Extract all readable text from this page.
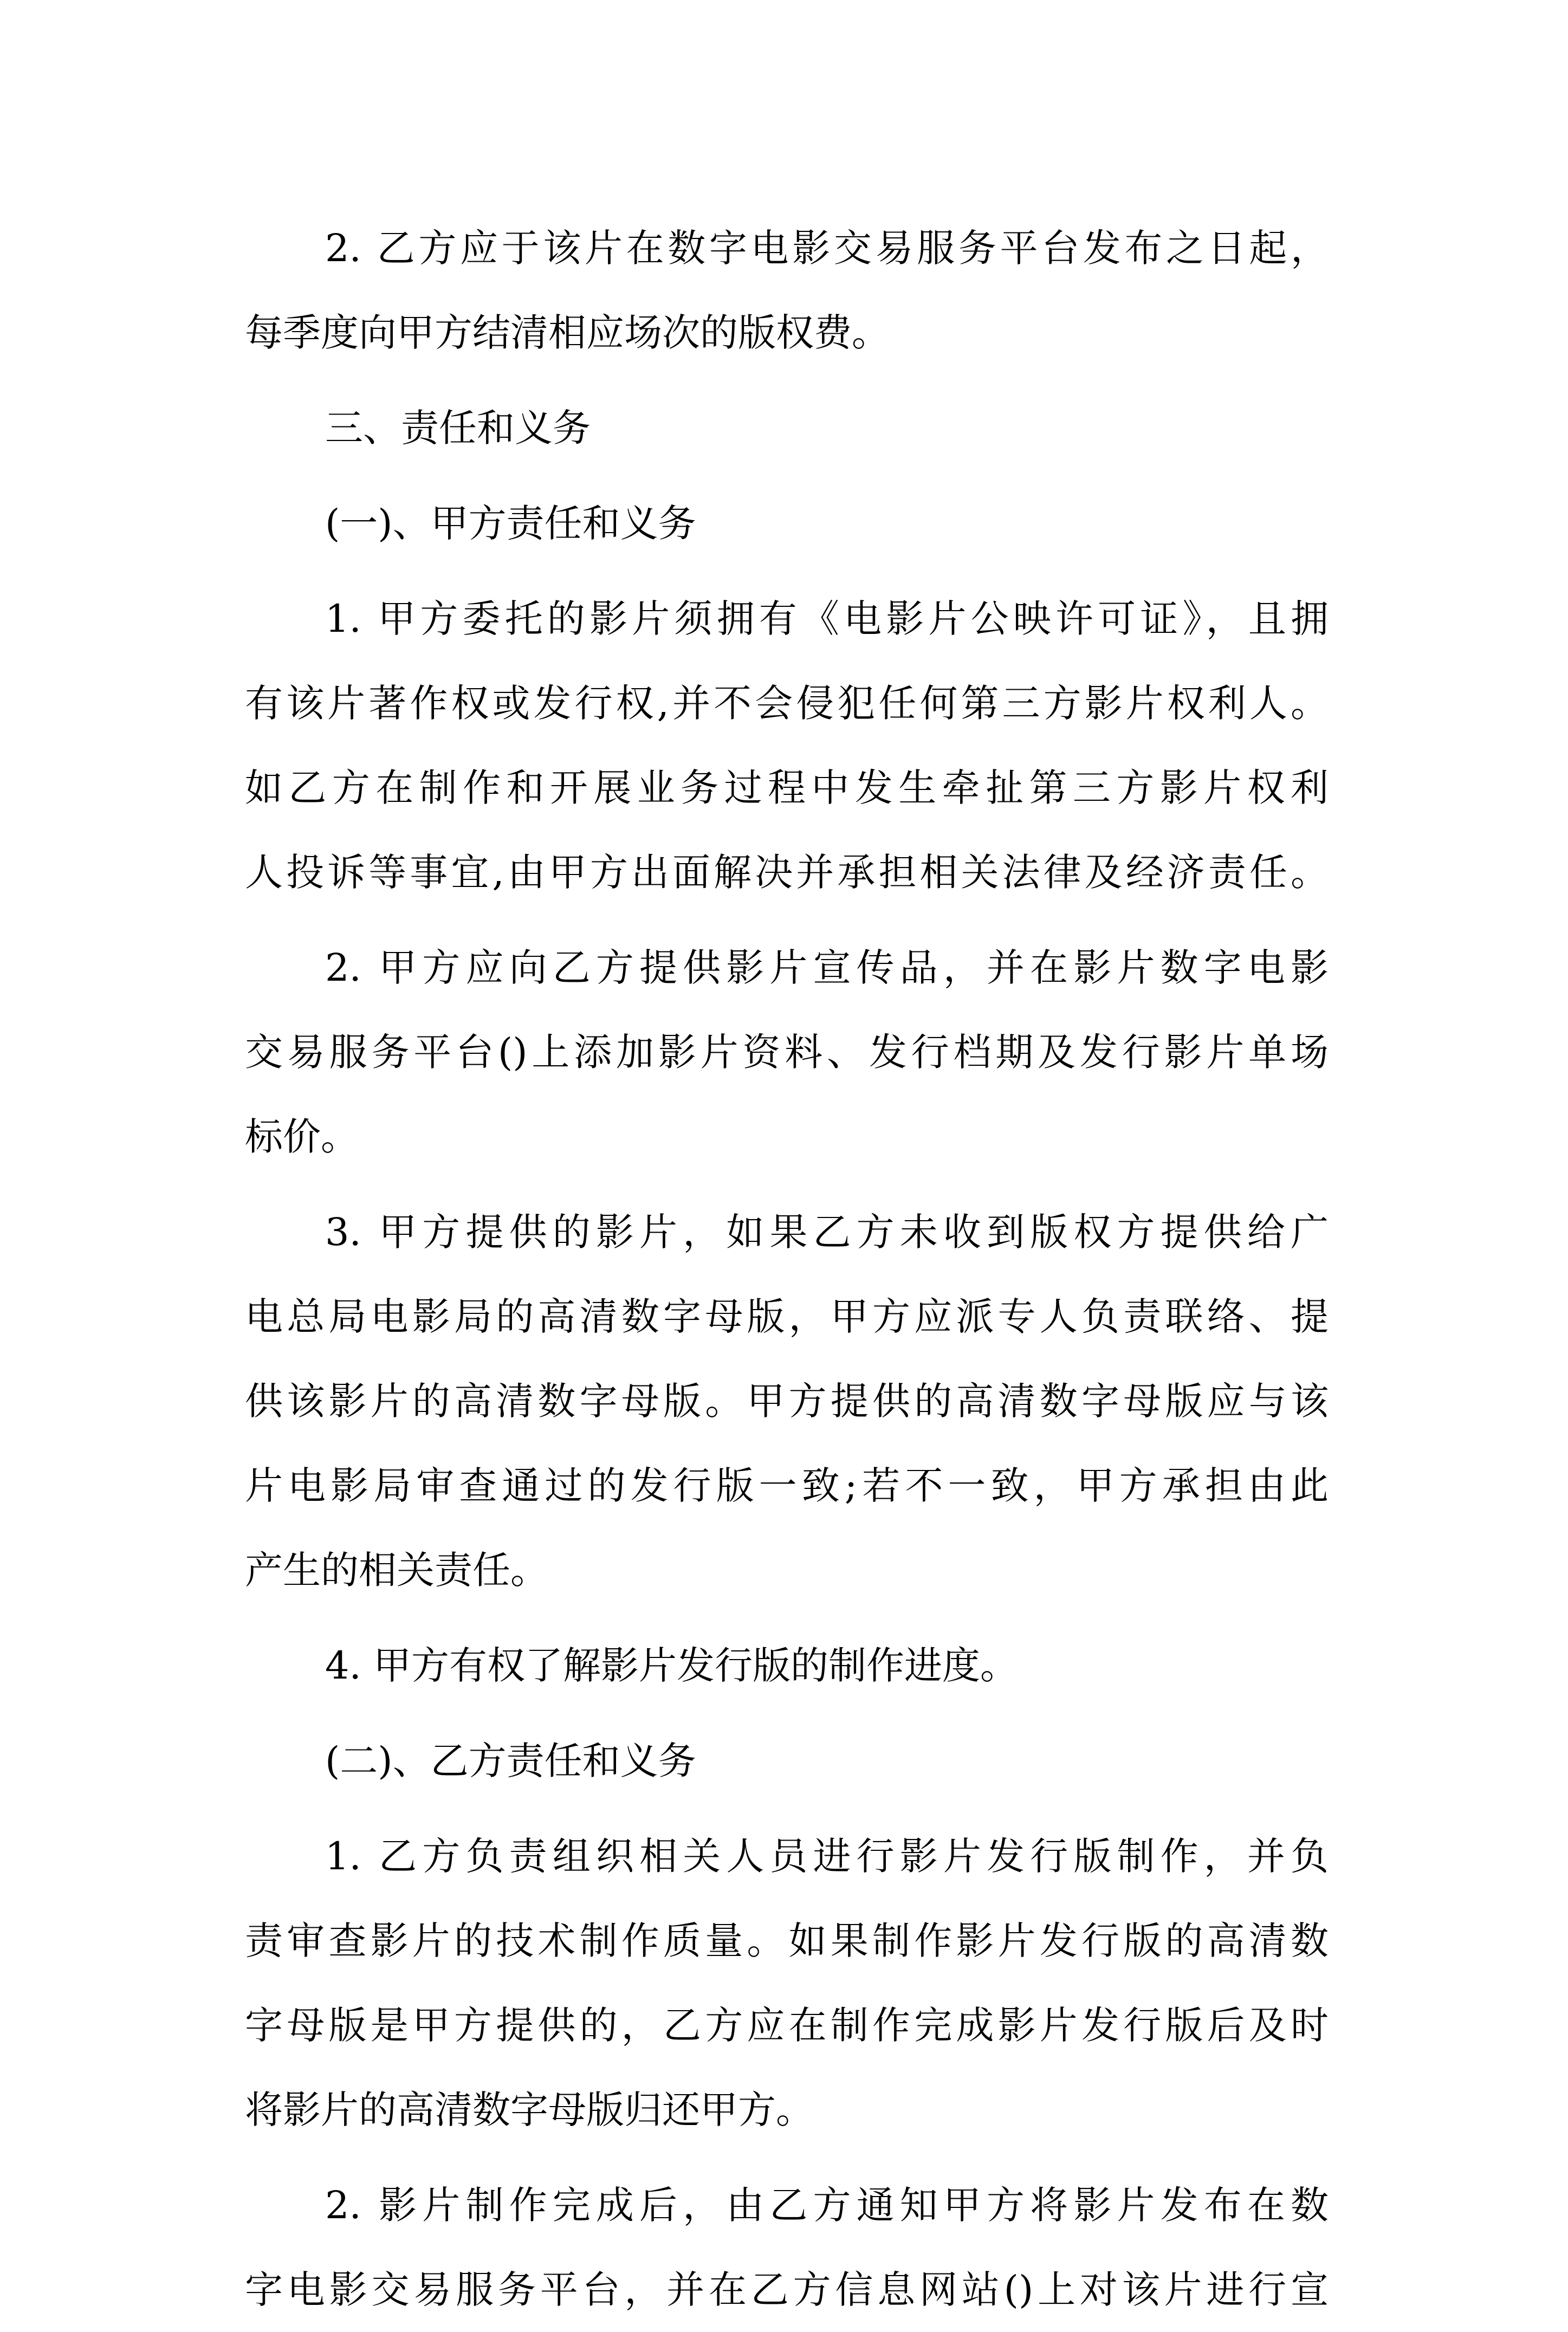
2. 乙方应于该片在数字电影交易服务平台发布之日起，
每季度向甲方结清相应场次的版权费。
三、责任和义务
(一)、甲方责任和义务
1. 甲方委托的影片须拥有《电影片公映许可证》，且拥
有该片著作权或发行权,并不会侵犯任何第三方影片权利人。
如乙方在制作和开展业务过程中发生牵扯第三方影片权利
人投诉等事宜,由甲方出面解决并承担相关法律及经济责任。
2. 甲方应向乙方提供影片宣传品，并在影片数字电影
交易服务平台()上添加影片资料、发行档期及发行影片单场
标价。
3. 甲方提供的影片，如果乙方未收到版权方提供给广
电总局电影局的高清数字母版，甲方应派专人负责联络、提
供该影片的高清数字母版。甲方提供的高清数字母版应与该
片电影局审查通过的发行版一致;若不一致，甲方承担由此
产生的相关责任。
4. 甲方有权了解影片发行版的制作进度。
(二)、乙方责任和义务
1. 乙方负责组织相关人员进行影片发行版制作，并负
责审查影片的技术制作质量。如果制作影片发行版的高清数
字母版是甲方提供的，乙方应在制作完成影片发行版后及时
将影片的高清数字母版归还甲方。
2. 影片制作完成后，由乙方通知甲方将影片发布在数
字电影交易服务平台，并在乙方信息网站()上对该片进行宣
